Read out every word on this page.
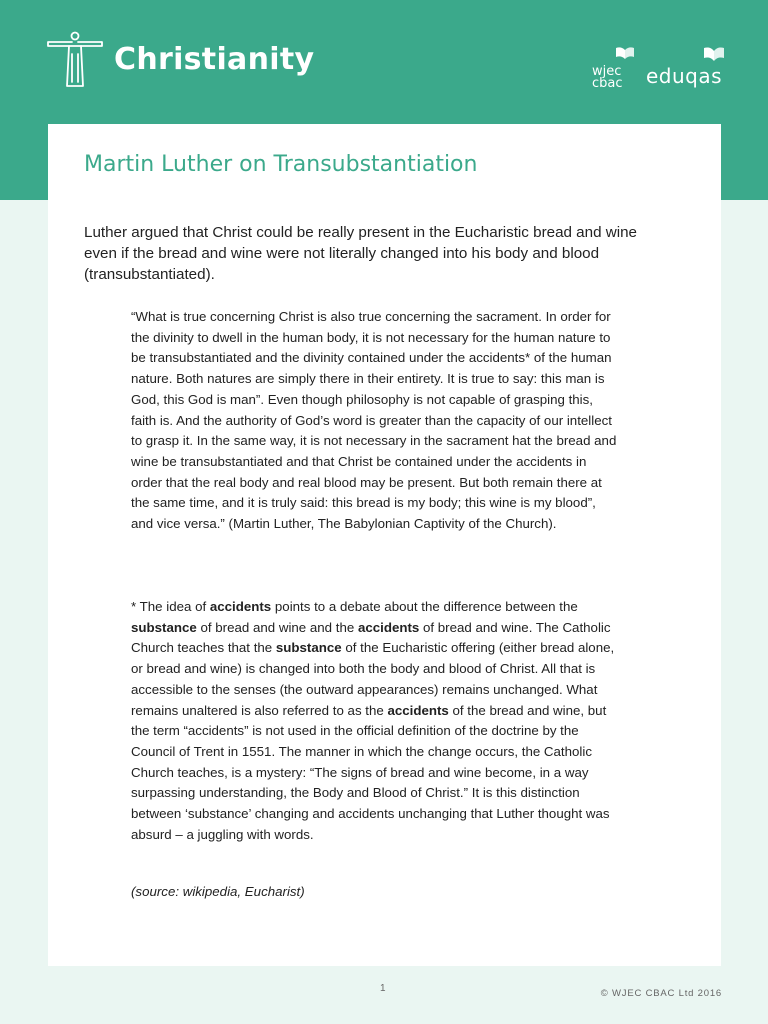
Christianity	wjec
cbac eduqas
Martin Luther on Transubstantiation

Luther argued that Christ could be really present in the Eucharistic bread and wine even if the bread and wine were not literally changed into his body and blood (transubstantiated).

“What is true concerning Christ is also true concerning the sacrament. In order for the divinity to dwell in the human body, it is not necessary for the human nature to be transubstantiated and the divinity contained under the accidents* of the human nature. Both natures are simply there in their entirety. It is true to say: this man is God, this God is man”. Even though philosophy is not capable of grasping this, faith is. And the authority of God’s word is greater than the capacity of our intellect to grasp it. In the same way, it is not necessary in the sacrament hat the bread and wine be transubstantiated and that Christ be contained under the accidents in order that the real body and real blood may be present. But both remain there at the same time, and it is truly said: this bread is my body; this wine is my blood”, and vice versa.” (Martin Luther, The Babylonian Captivity of the Church).

* The idea of accidents points to a debate about the difference between the substance of bread and wine and the accidents of bread and wine. The Catholic Church teaches that the substance of the Eucharistic offering (either bread alone, or bread and wine) is changed into both the body and blood of Christ. All that is accessible to the senses (the outward appearances) remains unchanged. What remains unaltered is also referred to as the accidents of the bread and wine, but the term “accidents” is not used in the official definition of the doctrine by the Council of Trent in 1551. The manner in which the change occurs, the Catholic Church teaches, is a mystery: “The signs of bread and wine become, in a way surpassing understanding, the Body and Blood of Christ.” It is this distinction between ‘substance’ changing and accidents unchanging that Luther thought was absurd – a juggling with words.

(source: wikipedia, Eucharist)

1	© WJEC CBAC Ltd 2016
